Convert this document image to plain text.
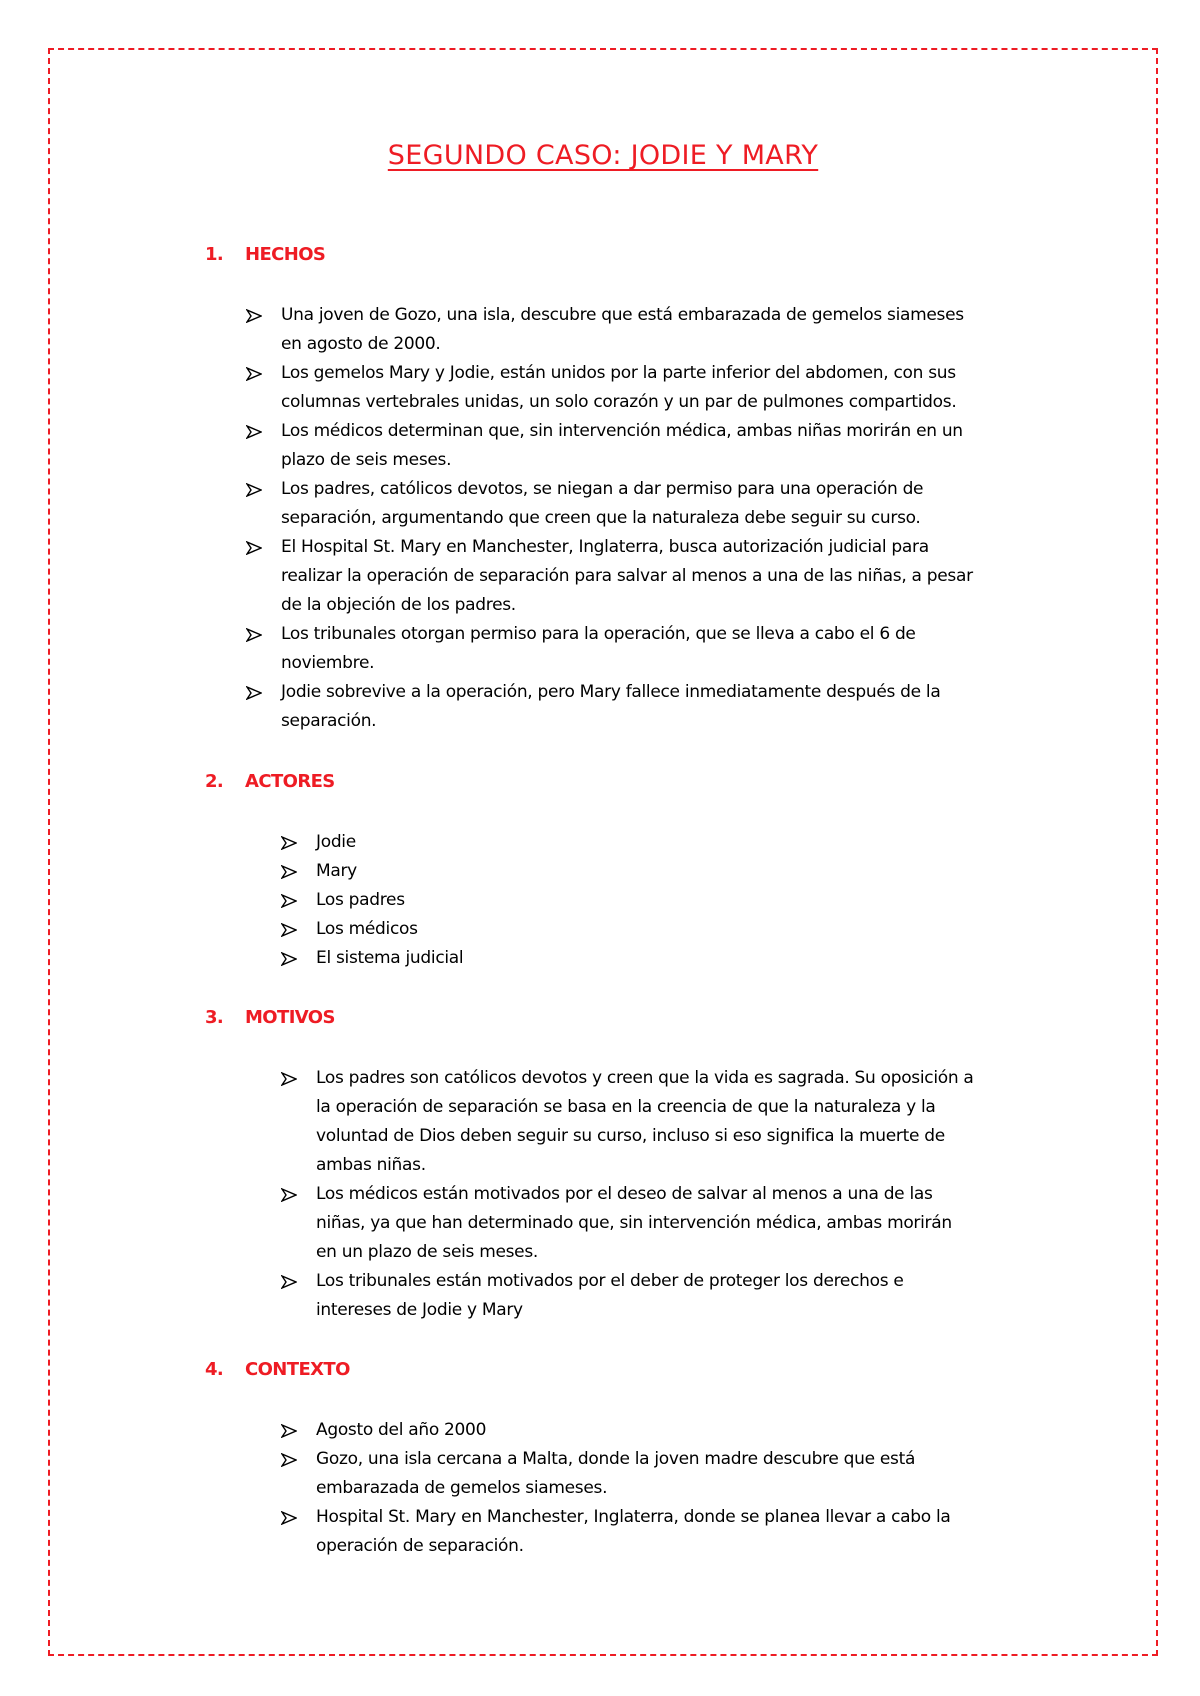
SEGUNDO CASO: JODIE Y MARY
1. HECHOS
Una joven de Gozo, una isla, descubre que está embarazada de gemelos siameses
en agosto de 2000.
Los gemelos Mary y Jodie, están unidos por la parte inferior del abdomen, con sus
columnas vertebrales unidas, un solo corazón y un par de pulmones compartidos.
Los médicos determinan que, sin intervención médica, ambas niñas morirán en un
plazo de seis meses.
Los padres, católicos devotos, se niegan a dar permiso para una operación de
separación, argumentando que creen que la naturaleza debe seguir su curso.
El Hospital St. Mary en Manchester, Inglaterra, busca autorización judicial para
realizar la operación de separación para salvar al menos a una de las niñas, a pesar
de la objeción de los padres.
Los tribunales otorgan permiso para la operación, que se lleva a cabo el 6 de
noviembre.
Jodie sobrevive a la operación, pero Mary fallece inmediatamente después de la
separación.
2. ACTORES
Jodie
Mary
Los padres
Los médicos
El sistema judicial
3. MOTIVOS
Los padres son católicos devotos y creen que la vida es sagrada. Su oposición a
la operación de separación se basa en la creencia de que la naturaleza y la
voluntad de Dios deben seguir su curso, incluso si eso significa la muerte de
ambas niñas.
Los médicos están motivados por el deseo de salvar al menos a una de las
niñas, ya que han determinado que, sin intervención médica, ambas morirán
en un plazo de seis meses.
Los tribunales están motivados por el deber de proteger los derechos e
intereses de Jodie y Mary
4. CONTEXTO
Agosto del año 2000
Gozo, una isla cercana a Malta, donde la joven madre descubre que está
embarazada de gemelos siameses.
Hospital St. Mary en Manchester, Inglaterra, donde se planea llevar a cabo la
operación de separación.
